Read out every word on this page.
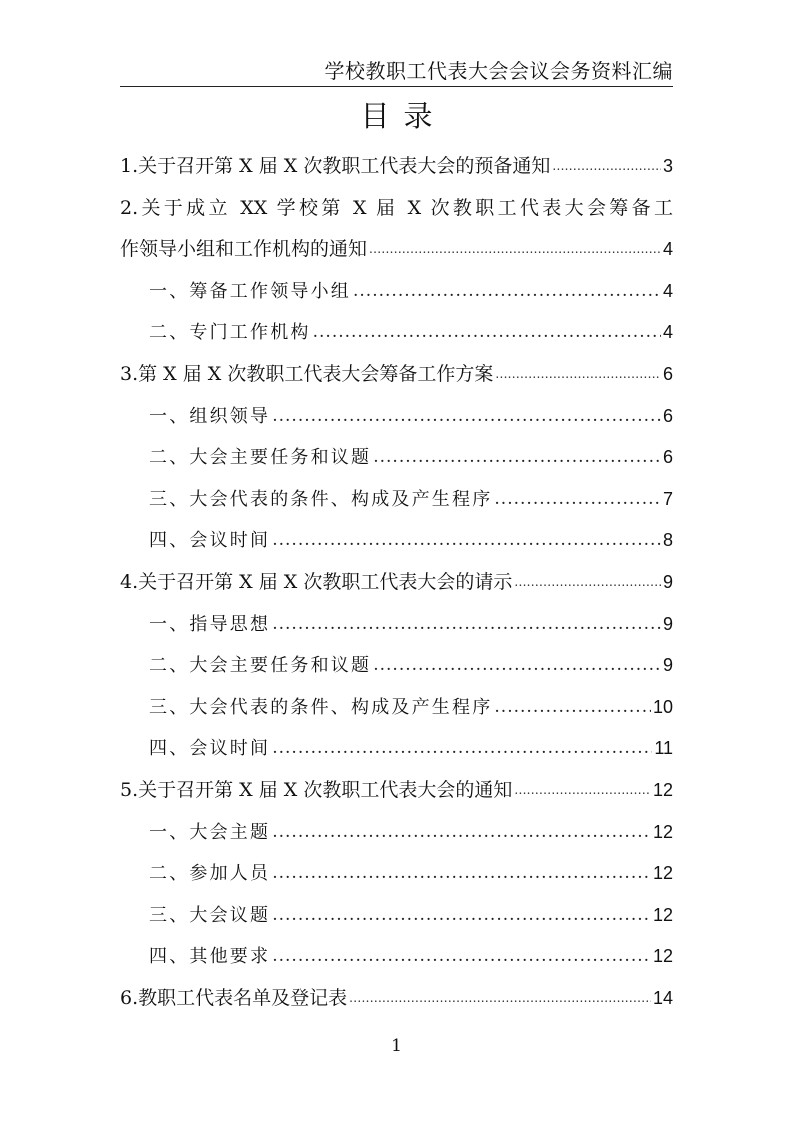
学校教职工代表大会会议会务资料汇编
目录
1.关于召开第 X 届 X 次教职工代表大会的预备通知 .....	3
2.关于成立 XX 学校第 X 届 X 次教职工代表大会筹备工
作领导小组和工作机构的通知 .....	4
一、筹备工作领导小组 .....	4
二、专门工作机构 .....	4
3.第 X 届 X 次教职工代表大会筹备工作方案 .....	6
一、组织领导 .....	6
二、大会主要任务和议题 .....	6
三、大会代表的条件、构成及产生程序 .....	7
四、会议时间 .....	8
4.关于召开第 X 届 X 次教职工代表大会的请示 .....	9
一、指导思想 .....	9
二、大会主要任务和议题 .....	9
三、大会代表的条件、构成及产生程序 .....	10
四、会议时间 .....	11
5.关于召开第 X 届 X 次教职工代表大会的通知 .....	12
一、大会主题 .....	12
二、参加人员 .....	12
三、大会议题 .....	12
四、其他要求 .....	12
6.教职工代表名单及登记表 .....	14
1
